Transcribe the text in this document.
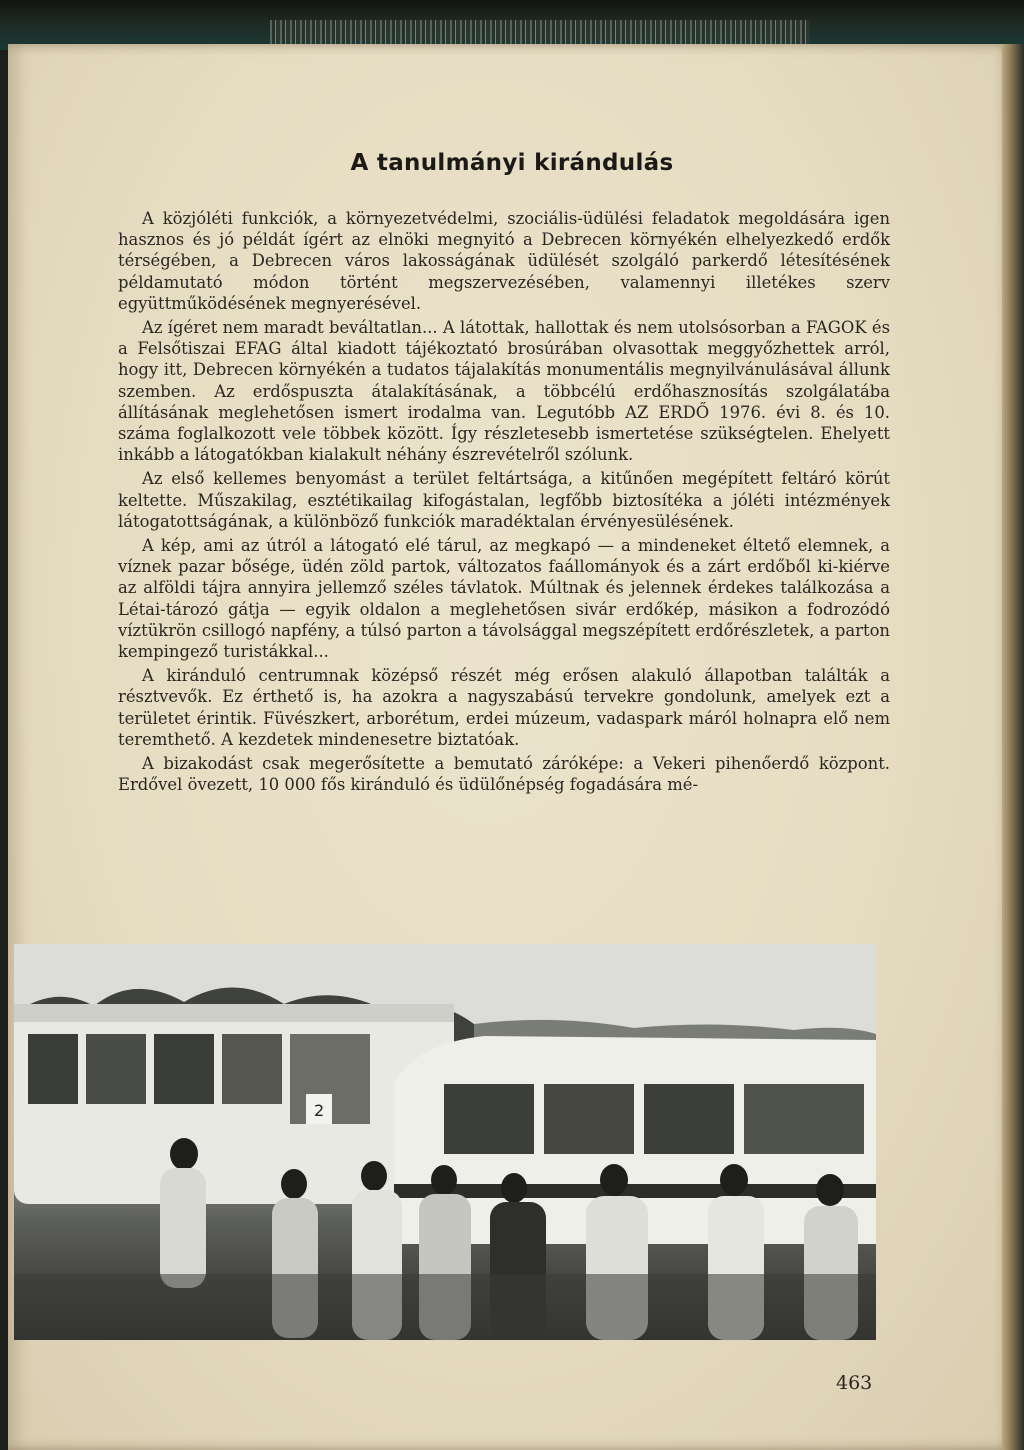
A tanulmányi kirándulás

A közjóléti funkciók, a környezetvédelmi, szociális-üdülési feladatok megoldására igen hasznos és jó példát ígért az elnöki megnyitó a Debrecen környékén elhelyezkedő erdők térségében, a Debrecen város lakosságának üdülését szolgáló parkerdő létesítésének példamutató módon történt megszervezésében, valamennyi illetékes szerv együttműködésének megnyerésével.

Az ígéret nem maradt beváltatlan... A látottak, hallottak és nem utolsósorban a FAGOK és a Felsőtiszai EFAG által kiadott tájékoztató brosúrában olvasottak meggyőzhettek arról, hogy itt, Debrecen környékén a tudatos tájalakítás monumentális megnyilvánulásával állunk szemben. Az erdőspuszta átalakításának, a többcélú erdőhasznosítás szolgálatába állításának meglehetősen ismert irodalma van. Legutóbb AZ ERDŐ 1976. évi 8. és 10. száma foglalkozott vele többek között. Így részletesebb ismertetése szükségtelen. Ehelyett inkább a látogatókban kialakult néhány észrevételről szólunk.

Az első kellemes benyomást a terület feltártsága, a kitűnően megépített feltáró körút keltette. Műszakilag, esztétikailag kifogástalan, legfőbb biztosítéka a jóléti intézmények látogatottságának, a különböző funkciók maradéktalan érvényesülésének.

A kép, ami az útról a látogató elé tárul, az megkapó — a mindeneket éltető elemnek, a víznek pazar bősége, üdén zöld partok, változatos faállományok és a zárt erdőből ki-kiérve az alföldi tájra annyira jellemző széles távlatok. Múltnak és jelennek érdekes találkozása a Létai-tározó gátja — egyik oldalon a meglehetősen sivár erdőkép, másikon a fodrozódó víztükrön csillogó napfény, a túlsó parton a távolsággal megszépített erdőrészletek, a parton kempingező turistákkal...

A kiránduló centrumnak középső részét még erősen alakuló állapotban találták a résztvevők. Ez érthető is, ha azokra a nagyszabású tervekre gondolunk, amelyek ezt a területet érintik. Füvészkert, arborétum, erdei múzeum, vadaspark máról holnapra elő nem teremthető. A kezdetek mindenesetre biztatóak.

A bizakodást csak megerősítette a bemutató záróképe: a Vekeri pihenőerdő központ. Erdővel övezett, 10 000 fős kiránduló és üdülőnépség fogadására mé-

2
463
